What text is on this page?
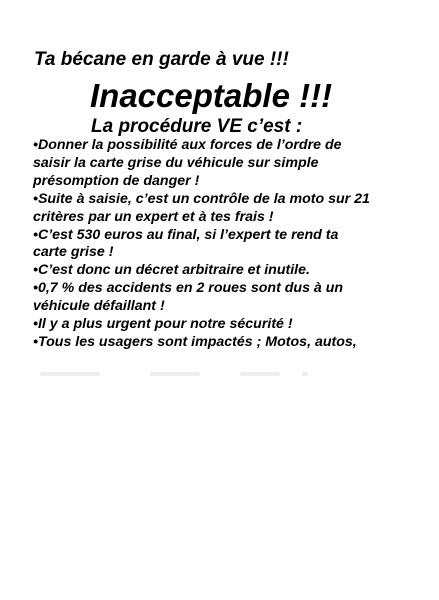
Ta bécane en garde à vue !!!
Inacceptable !!!
La procédure VE c’est :
•Donner la possibilité aux forces de l’ordre de
saisir la carte grise du véhicule sur simple
présomption de danger !
•Suite à saisie, c’est un contrôle de la moto sur 21
critères par un expert et à tes frais !
•C’est 530 euros au final, si l’expert te rend ta
carte grise !
•C’est donc un décret arbitraire et inutile.
•0,7 % des accidents en 2 roues sont dus à un
véhicule défaillant !
•Il y a plus urgent pour notre sécurité !
•Tous les usagers sont impactés ; Motos, autos,
